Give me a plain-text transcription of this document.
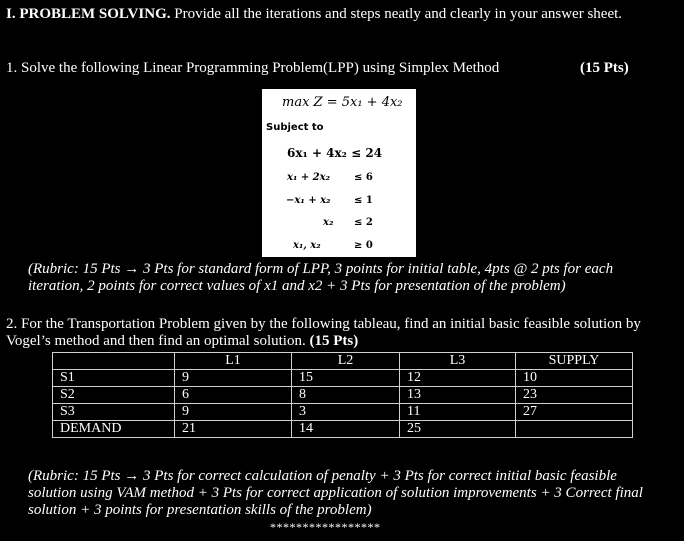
I. PROBLEM SOLVING. Provide all the iterations and steps neatly and clearly in your answer sheet.
1. Solve the following Linear Programming Problem(LPP) using Simplex Method	(15 Pts)
max Z = 5x₁ + 4x₂
Subject to
6x₁ + 4x₂ ≤ 24
x₁ + 2x₂ ≤ 6
−x₁ + x₂ ≤ 1
x₂ ≤ 2
x₁, x₂	≥ 0
(Rubric: 15 Pts → 3 Pts for standard form of LPP, 3 points for initial table, 4pts @ 2 pts for each iteration, 2 points for correct values of x1 and x2 + 3 Pts for presentation of the problem)
2. For the Transportation Problem given by the following tableau, find an initial basic feasible solution by Vogel’s method and then find an optimal solution. (15 Pts)
	L1	L2	L3	SUPPLY
S1	9	15	12	10
S2	6	8	13	23
S3	9	3	11	27
DEMAND	21	14	25	
(Rubric: 15 Pts → 3 Pts for correct calculation of penalty + 3 Pts for correct initial basic feasible solution using VAM method + 3 Pts for correct application of solution improvements + 3 Correct final solution + 3 points for presentation skills of the problem)
*****************
